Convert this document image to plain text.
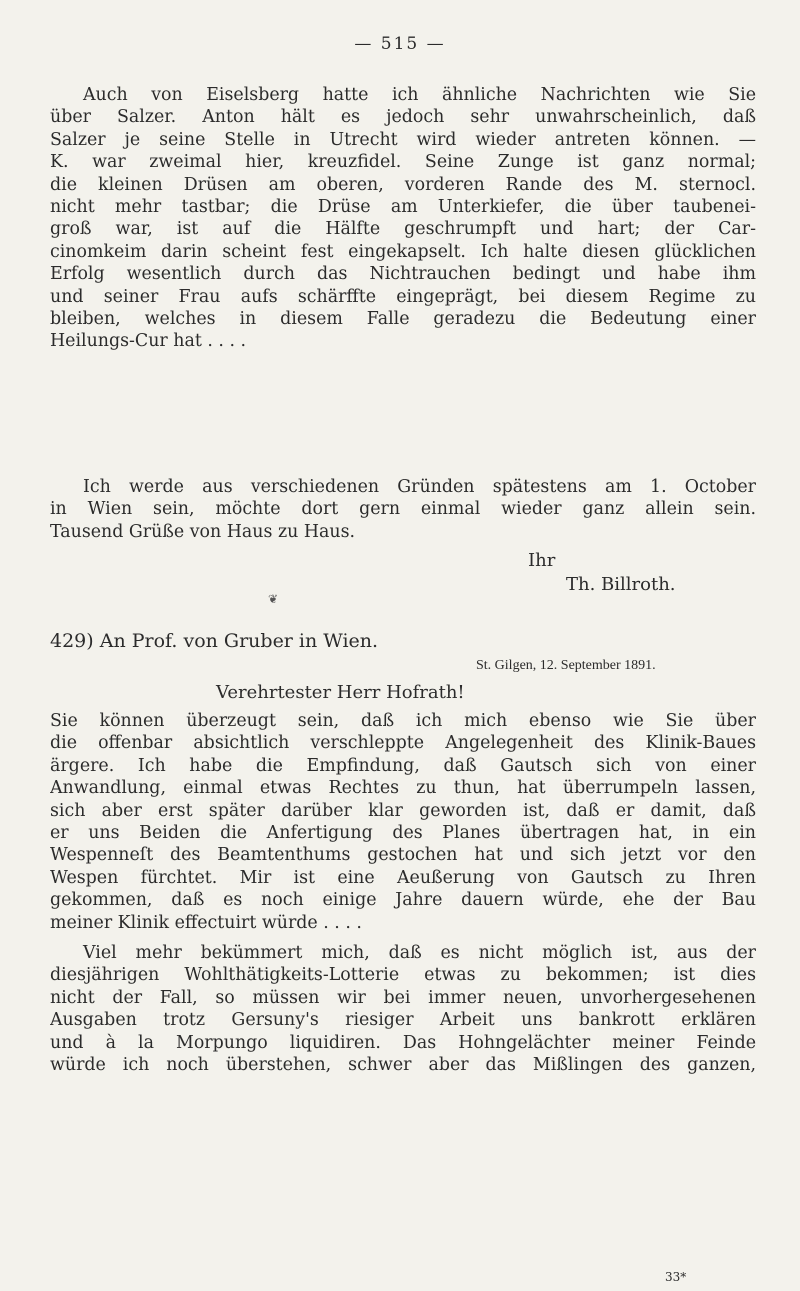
— 515 —
Auch von Eiselsberg hatte ich ähnliche Nachrichten wie Sie
über Salzer. Anton hält es jedoch sehr unwahrscheinlich, daß
Salzer je seine Stelle in Utrecht wird wieder antreten können. —
K. war zweimal hier, kreuzfidel. Seine Zunge ist ganz normal;
die kleinen Drüsen am oberen, vorderen Rande des M. sternocl.
nicht mehr tastbar; die Drüse am Unterkiefer, die über taubenei-
groß war, ist auf die Hälfte geschrumpft und hart; der Car-
cinomkeim darin scheint fest eingekapselt. Ich halte diesen glücklichen
Erfolg wesentlich durch das Nichtrauchen bedingt und habe ihm
und seiner Frau aufs schärffte eingeprägt, bei diesem Regime zu
bleiben, welches in diesem Falle geradezu die Bedeutung einer
Heilungs-Cur hat . . . .
Ich werde aus verschiedenen Gründen spätestens am 1. October
in Wien sein, möchte dort gern einmal wieder ganz allein sein.
Tausend Grüße von Haus zu Haus.
Ihr
Th. Billroth.
❦
429) An Prof. von Gruber in Wien.
St. Gilgen, 12. September 1891.
Verehrtester Herr Hofrath!
Sie können überzeugt sein, daß ich mich ebenso wie Sie über
die offenbar absichtlich verschleppte Angelegenheit des Klinik-Baues
ärgere. Ich habe die Empfindung, daß Gautsch sich von einer
Anwandlung, einmal etwas Rechtes zu thun, hat überrumpeln lassen,
sich aber erst später darüber klar geworden ist, daß er damit, daß
er uns Beiden die Anfertigung des Planes übertragen hat, in ein
Wespenneſt des Beamtenthums gestochen hat und sich jetzt vor den
Wespen fürchtet. Mir ist eine Aeußerung von Gautsch zu Ihren
gekommen, daß es noch einige Jahre dauern würde, ehe der Bau
meiner Klinik effectuirt würde . . . .
Viel mehr bekümmert mich, daß es nicht möglich ist, aus der
diesjährigen Wohlthätigkeits-Lotterie etwas zu bekommen; ist dies
nicht der Fall, so müssen wir bei immer neuen, unvorhergesehenen
Ausgaben trotz Gersuny's riesiger Arbeit uns bankrott erklären
und à la Morpungo liquidiren. Das Hohngelächter meiner Feinde
würde ich noch überstehen, schwer aber das Mißlingen des ganzen,
33*
